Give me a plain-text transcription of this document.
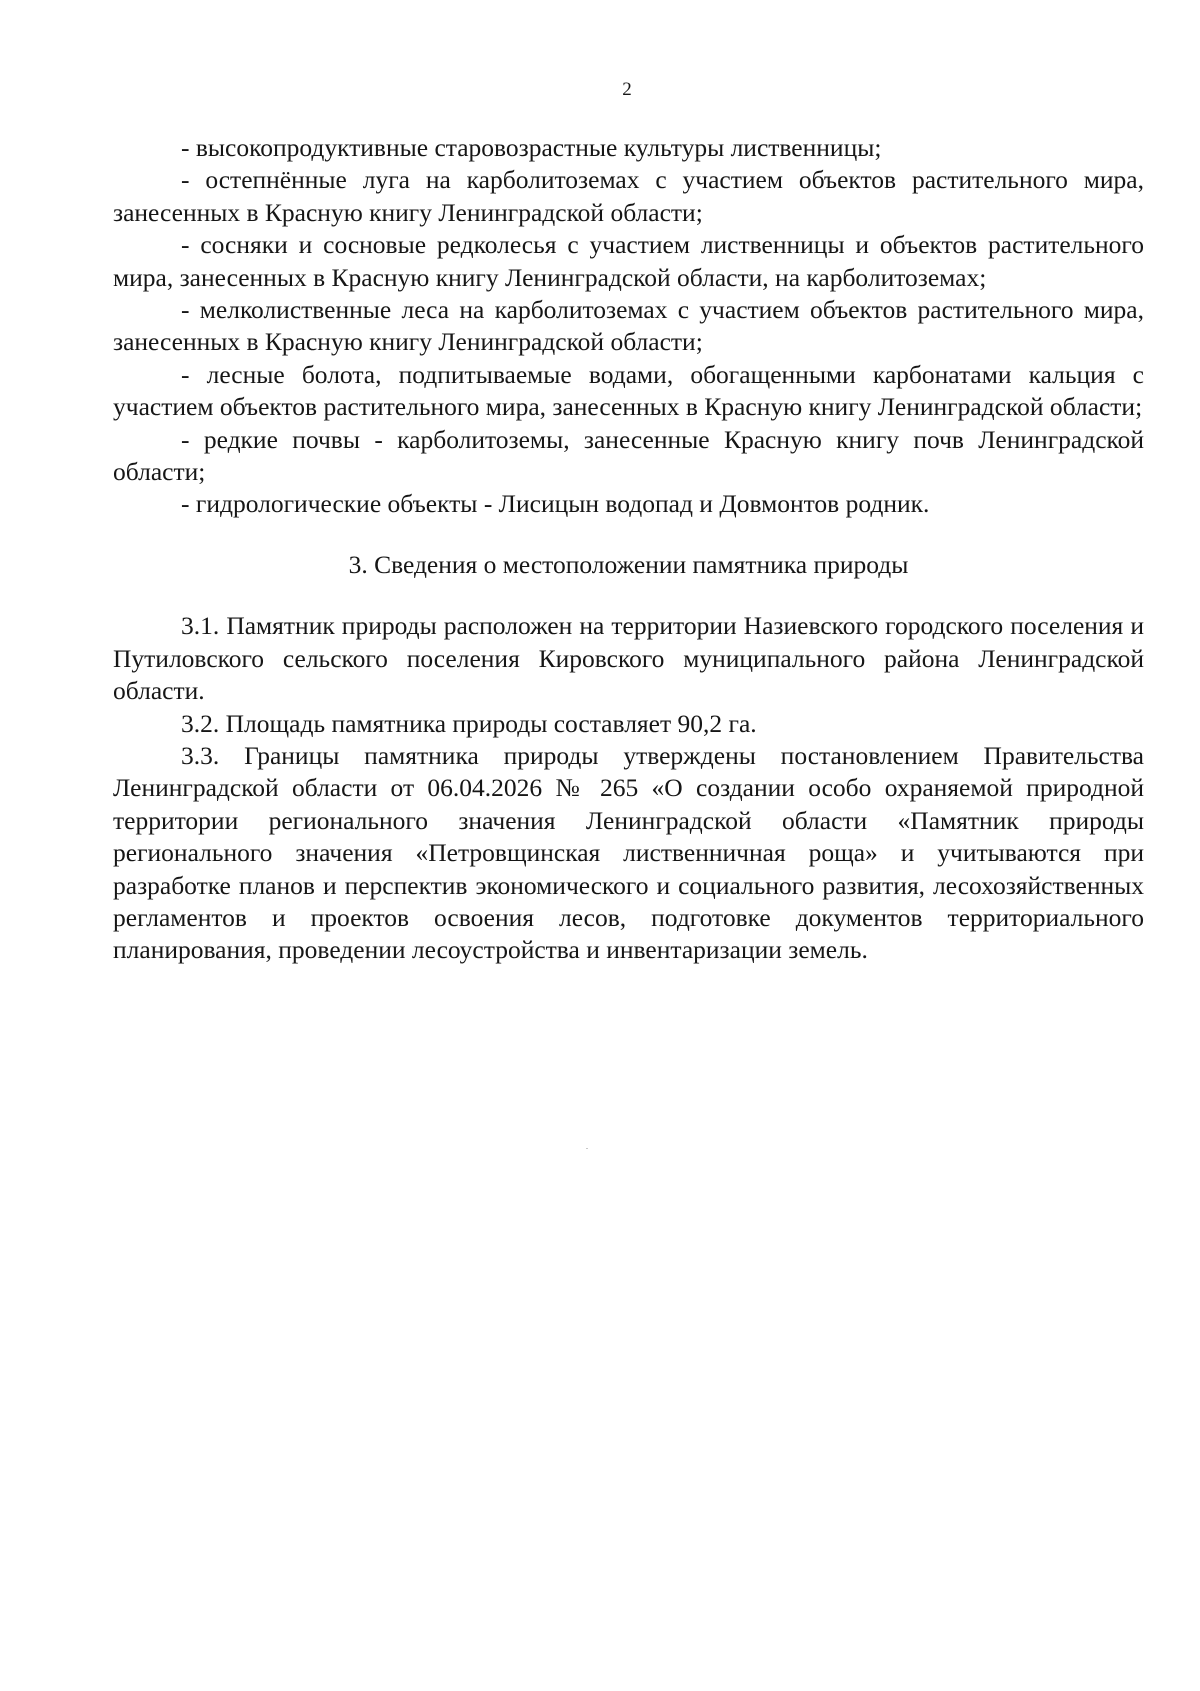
2

- высокопродуктивные старовозрастные культуры лиственницы;

- остепнённые луга на карболитоземах с участием объектов растительного мира, занесенных в Красную книгу Ленинградской области;

- сосняки и сосновые редколесья с участием лиственницы и объектов растительного мира, занесенных в Красную книгу Ленинградской области, на карболитоземах;

- мелколиственные леса на карболитоземах с участием объектов растительного мира, занесенных в Красную книгу Ленинградской области;

- лесные болота, подпитываемые водами, обогащенными карбонатами кальция с участием объектов растительного мира, занесенных в Красную книгу Ленинградской области;

- редкие почвы - карболитоземы, занесенные Красную книгу почв Ленинградской области;

- гидрологические объекты - Лисицын водопад и Довмонтов родник.

3. Сведения о местоположении памятника природы

3.1. Памятник природы расположен на территории Назиевского городского поселения и Путиловского сельского поселения Кировского муниципального района Ленинградской области.

3.2. Площадь памятника природы составляет 90,2 га.

3.3. Границы памятника природы утверждены постановлением Правительства Ленинградской области от 06.04.2026 № 265 «О создании особо охраняемой природной территории регионального значения Ленинградской области «Памятник природы регионального значения «Петровщинская лиственничная роща» и учитываются при разработке планов и перспектив экономического и социального развития, лесохозяйственных регламентов и проектов освоения лесов, подготовке документов территориального планирования, проведении лесоустройства и инвентаризации земель.
